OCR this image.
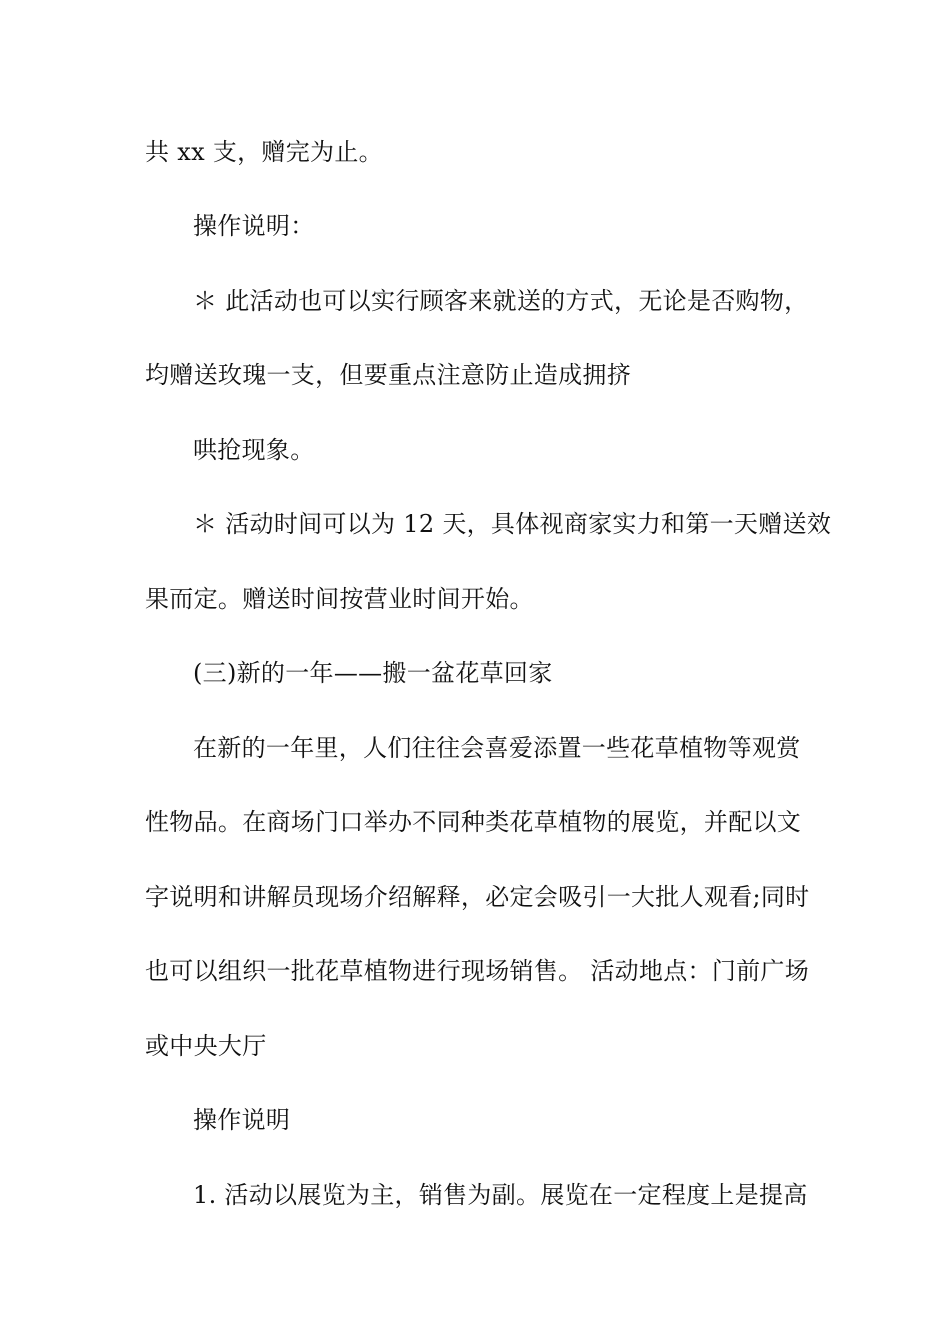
共 xx 支，赠完为止。

操作说明：

＊ 此活动也可以实行顾客来就送的方式，无论是否购物，

均赠送玫瑰一支，但要重点注意防止造成拥挤

哄抢现象。

＊ 活动时间可以为 12 天，具体视商家实力和第一天赠送效

果而定。赠送时间按营业时间开始。

(三)新的一年——搬一盆花草回家

在新的一年里，人们往往会喜爱添置一些花草植物等观赏

性物品。在商场门口举办不同种类花草植物的展览，并配以文

字说明和讲解员现场介绍解释，必定会吸引一大批人观看;同时

也可以组织一批花草植物进行现场销售。 活动地点：门前广场

或中央大厅

操作说明

1. 活动以展览为主，销售为副。展览在一定程度上是提高
